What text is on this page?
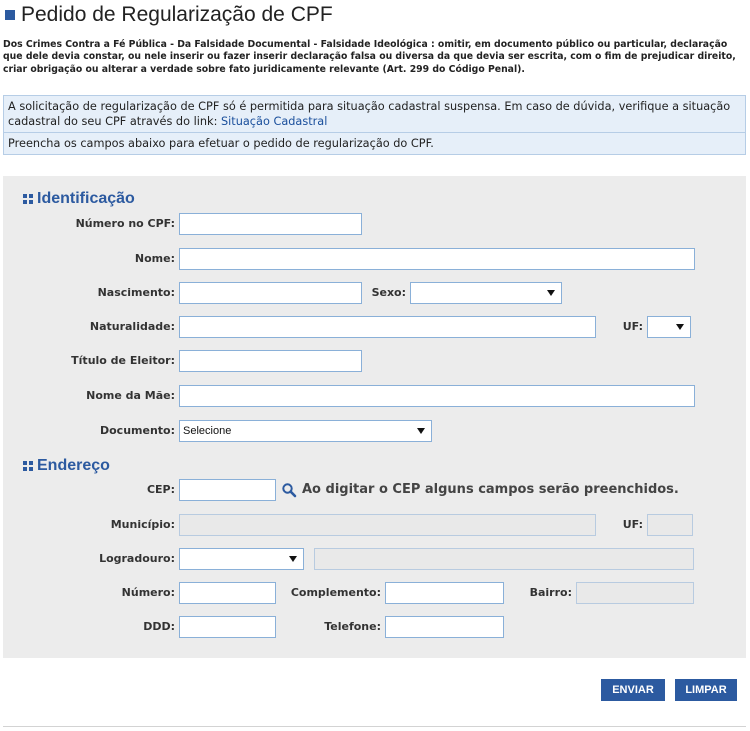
Pedido de Regularização de CPF
Dos Crimes Contra a Fé Pública - Da Falsidade Documental - Falsidade Ideológica : omitir, em documento público ou particular, declaração que dele devia constar, ou nele inserir ou fazer inserir declaração falsa ou diversa da que devia ser escrita, com o fim de prejudicar direito, criar obrigação ou alterar a verdade sobre fato juridicamente relevante (Art. 299 do Código Penal).
A solicitação de regularização de CPF só é permitida para situação cadastral suspensa. Em caso de dúvida, verifique a situação cadastral do seu CPF através do link: Situação Cadastral
Preencha os campos abaixo para efetuar o pedido de regularização do CPF.
Identificação
Número no CPF:
Nome:
Nascimento:	Sexo:
Naturalidade:	UF:
Título de Eleitor:
Nome da Mãe:
Documento: Selecione
Endereço
CEP:	Ao digitar o CEP alguns campos serão preenchidos.
Município:	UF:
Logradouro:
Número:	Complemento:	Bairro:
DDD:	Telefone:
ENVIAR	LIMPAR
